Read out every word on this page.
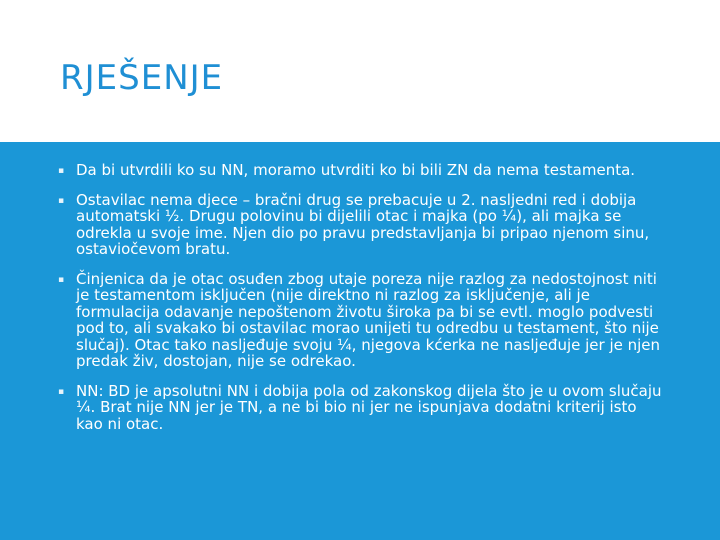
RJEŠENJE
▪ Da bi utvrdili ko su NN, moramo utvrditi ko bi bili ZN da nema testamenta.
▪ Ostavilac nema djece – bračni drug se prebacuje u 2. nasljedni red i dobija automatski ½. Drugu polovinu bi dijelili otac i majka (po ¼), ali majka se odrekla u svoje ime. Njen dio po pravu predstavljanja bi pripao njenom sinu, ostaviočevom bratu.
▪ Činjenica da je otac osuđen zbog utaje poreza nije razlog za nedostojnost niti je testamentom isključen (nije direktno ni razlog za isključenje, ali je formulacija odavanje nepoštenom životu široka pa bi se evtl. moglo podvesti pod to, ali svakako bi ostavilac morao unijeti tu odredbu u testament, što nije slučaj). Otac tako nasljeđuje svoju ¼, njegova kćerka ne nasljeđuje jer je njen predak živ, dostojan, nije se odrekao.
▪ NN: BD je apsolutni NN i dobija pola od zakonskog dijela što je u ovom slučaju ¼. Brat nije NN jer je TN, a ne bi bio ni jer ne ispunjava dodatni kriterij isto kao ni otac.
